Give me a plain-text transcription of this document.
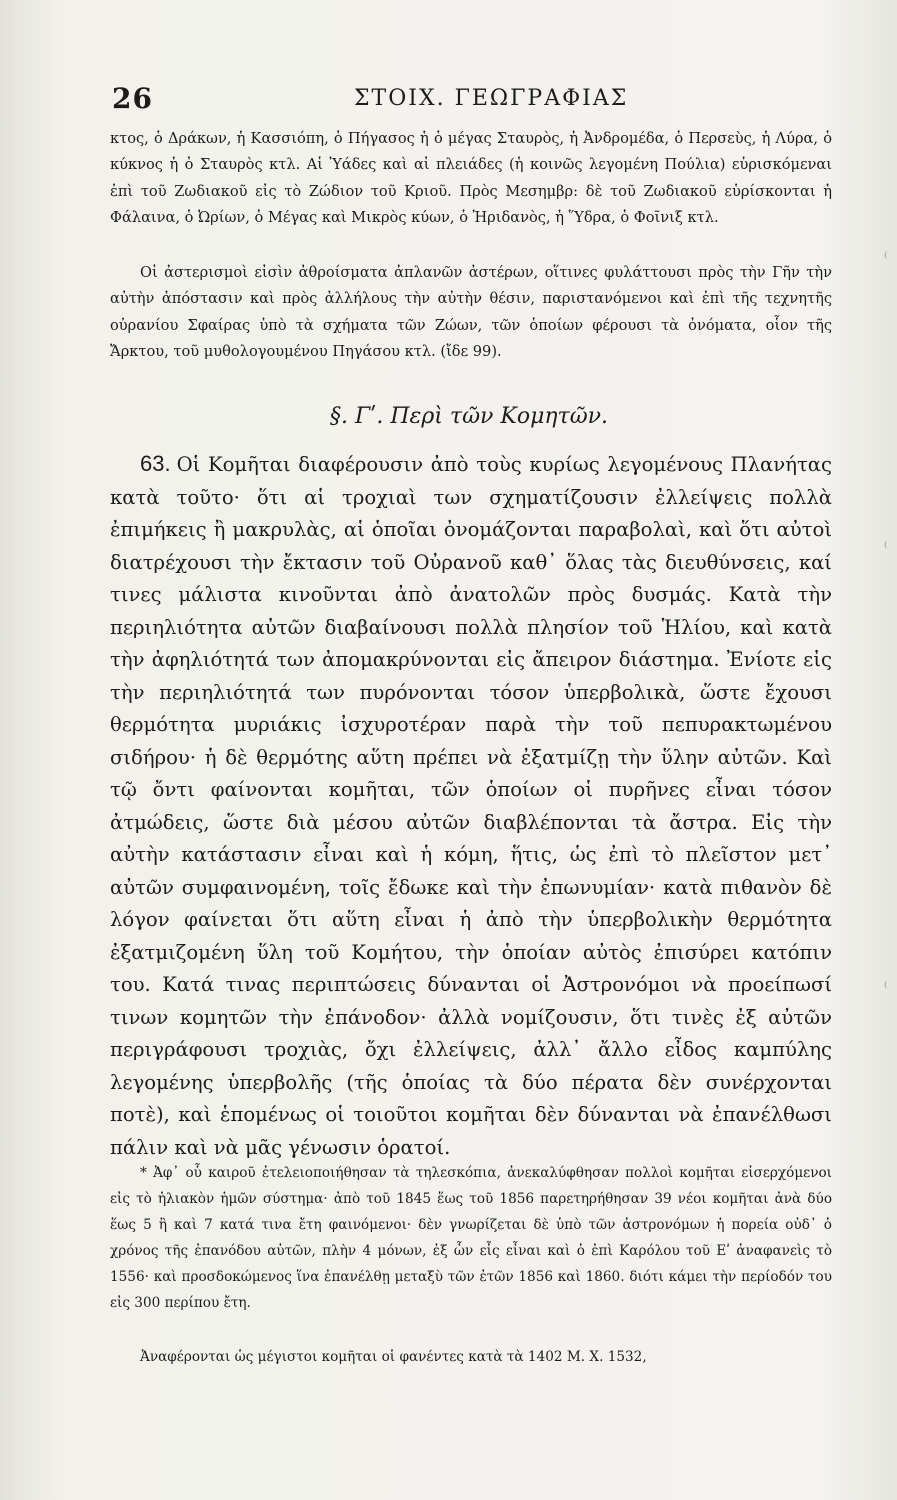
26	ΣΤΟΙΧ. ΓΕΩΓΡΑΦΙΑΣ

κτος, ὁ Δράκων, ἡ Κασσιόπη, ὁ Πήγασος ἡ ὁ μέγας Σταυρὸς, ἡ Ἀνδρομέδα, ὁ Περσεὺς, ἡ Λύρα, ὁ κύκνος ἡ ὁ Σταυρὸς κτλ. Αἱ Ὑάδες καὶ αἱ πλειάδες (ἡ κοινῶς λεγομένη Πούλια) εὑρισκόμεναι ἐπὶ τοῦ Ζωδιακοῦ εἰς τὸ Ζώδιον τοῦ Κριοῦ. Πρὸς Μεσημβρ: δὲ τοῦ Ζωδιακοῦ εὑρίσκονται ἡ Φάλαινα, ὁ Ὠρίων, ὁ Μέγας καὶ Μικρὸς κύων, ὁ Ἠριδανὸς, ἡ Ὕδρα, ὁ Φοῖνιξ κτλ.

Οἱ ἀστερισμοὶ εἰσὶν ἀθροίσματα ἀπλανῶν ἀστέρων, οἵτινες φυλάττουσι πρὸς τὴν Γῆν τὴν αὐτὴν ἀπόστασιν καὶ πρὸς ἀλλήλους τὴν αὐτὴν θέσιν, παριστανόμενοι καὶ ἐπὶ τῆς τεχνητῆς οὐρανίου Σφαίρας ὑπὸ τὰ σχήματα τῶν Ζώων, τῶν ὁποίων φέρουσι τὰ ὀνόματα, οἷον τῆς Ἄρκτου, τοῦ μυθολογουμένου Πηγάσου κτλ. (ἴδε 99).

§. Γʹ. Περὶ τῶν Κομητῶν.

63. Οἱ Κομῆται διαφέρουσιν ἀπὸ τοὺς κυρίως λεγομένους Πλανήτας κατὰ τοῦτο· ὅτι αἱ τροχιαὶ των σχηματίζουσιν ἐλλείψεις πολλὰ ἐπιμήκεις ἢ μακρυλὰς, αἱ ὁποῖαι ὀνομάζονται παραβολαὶ, καὶ ὅτι αὐτοὶ διατρέχουσι τὴν ἔκτασιν τοῦ Οὐρανοῦ καθ᾽ ὅλας τὰς διευθύνσεις, καί τινες μάλιστα κινοῦνται ἀπὸ ἀνατολῶν πρὸς δυσμάς. Κατὰ τὴν περιηλιότητα αὐτῶν διαβαίνουσι πολλὰ πλησίον τοῦ Ἡλίου, καὶ κατὰ τὴν ἀφηλιότητά των ἀπομακρύνονται εἰς ἄπειρον διάστημα. Ἐνίοτε εἰς τὴν περιηλιότητά των πυρόνονται τόσον ὑπερβολικὰ, ὥστε ἔχουσι θερμότητα μυριάκις ἰσχυροτέραν παρὰ τὴν τοῦ πεπυρακτωμένου σιδήρου· ἡ δὲ θερμότης αὕτη πρέπει νὰ ἐξατμίζῃ τὴν ὕλην αὐτῶν. Καὶ τῷ ὄντι φαίνονται κομῆται, τῶν ὁποίων οἱ πυρῆνες εἶναι τόσον ἀτμώδεις, ὥστε διὰ μέσου αὐτῶν διαβλέπονται τὰ ἄστρα. Εἰς τὴν αὐτὴν κατάστασιν εἶναι καὶ ἡ κόμη, ἥτις, ὡς ἐπὶ τὸ πλεῖστον μετ᾽ αὐτῶν συμφαινομένη, τοῖς ἔδωκε καὶ τὴν ἐπωνυμίαν· κατὰ πιθανὸν δὲ λόγον φαίνεται ὅτι αὕτη εἶναι ἡ ἀπὸ τὴν ὑπερβολικὴν θερμότητα ἐξατμιζομένη ὕλη τοῦ Κομήτου, τὴν ὁποίαν αὐτὸς ἐπισύρει κατόπιν του. Κατά τινας περιπτώσεις δύνανται οἱ Ἀστρονόμοι νὰ προείπωσί τινων κομητῶν τὴν ἐπάνοδον· ἀλλὰ νομίζουσιν, ὅτι τινὲς ἐξ αὐτῶν περιγράφουσι τροχιὰς, ὄχι ἐλλείψεις, ἀλλ᾽ ἄλλο εἶδος καμπύλης λεγομένης ὑπερβολῆς (τῆς ὁποίας τὰ δύο πέρατα δὲν συνέρχονται ποτὲ), καὶ ἑπομένως οἱ τοιοῦτοι κομῆται δὲν δύνανται νὰ ἐπανέλθωσι πάλιν καὶ νὰ μᾶς γένωσιν ὁρατοί.

* Ἀφ᾽ οὗ καιροῦ ἐτελειοποιήθησαν τὰ τηλεσκόπια, ἀνεκαλύφθησαν πολλοὶ κομῆται εἰσερχόμενοι εἰς τὸ ἡλιακὸν ἡμῶν σύστημα· ἀπὸ τοῦ 1845 ἕως τοῦ 1856 παρετηρήθησαν 39 νέοι κομῆται ἀνὰ δύο ἕως 5 ἢ καὶ 7 κατά τινα ἔτη φαινόμενοι· δὲν γνωρίζεται δὲ ὑπὸ τῶν ἀστρονόμων ἡ πορεία οὐδ᾽ ὁ χρόνος τῆς ἐπανόδου αὐτῶν, πλὴν 4 μόνων, ἐξ ὧν εἷς εἶναι καὶ ὁ ἐπὶ Καρόλου τοῦ Εʹ ἀναφανεὶς τὸ 1556· καὶ προσδοκώμενος ἵνα ἐπανέλθῃ μεταξὺ τῶν ἐτῶν 1856 καὶ 1860. διότι κάμει τὴν περίοδόν του εἰς 300 περίπου ἔτη.

Ἀναφέρονται ὡς μέγιστοι κομῆται οἱ φανέντες κατὰ τὰ 1402 Μ. Χ. 1532,

⁽
⁽
⁽
